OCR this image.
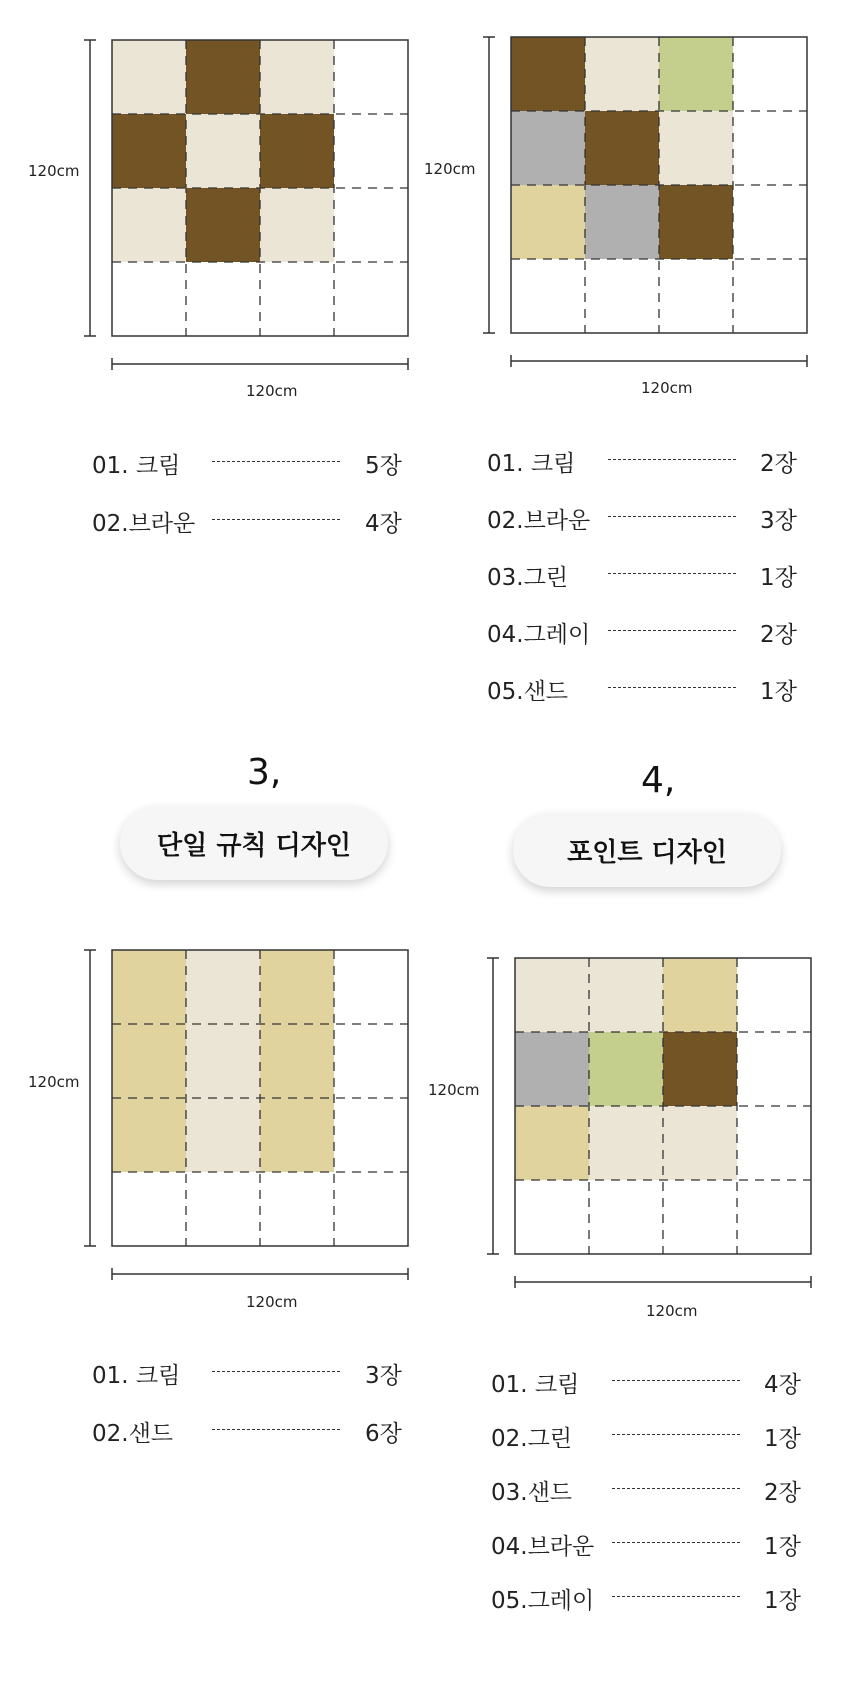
120cm
120cm
120cm
120cm
01. 크림	5장
02.브라운	4장
01. 크림	2장
02.브라운	3장
03.그린	1장
04.그레이	2장
05.샌드	1장
3,
단일 규칙 디자인
4,
포인트 디자인
120cm
120cm
120cm
120cm
01. 크림	3장
02.샌드	6장
01. 크림	4장
02.그린	1장
03.샌드	2장
04.브라운	1장
05.그레이	1장
